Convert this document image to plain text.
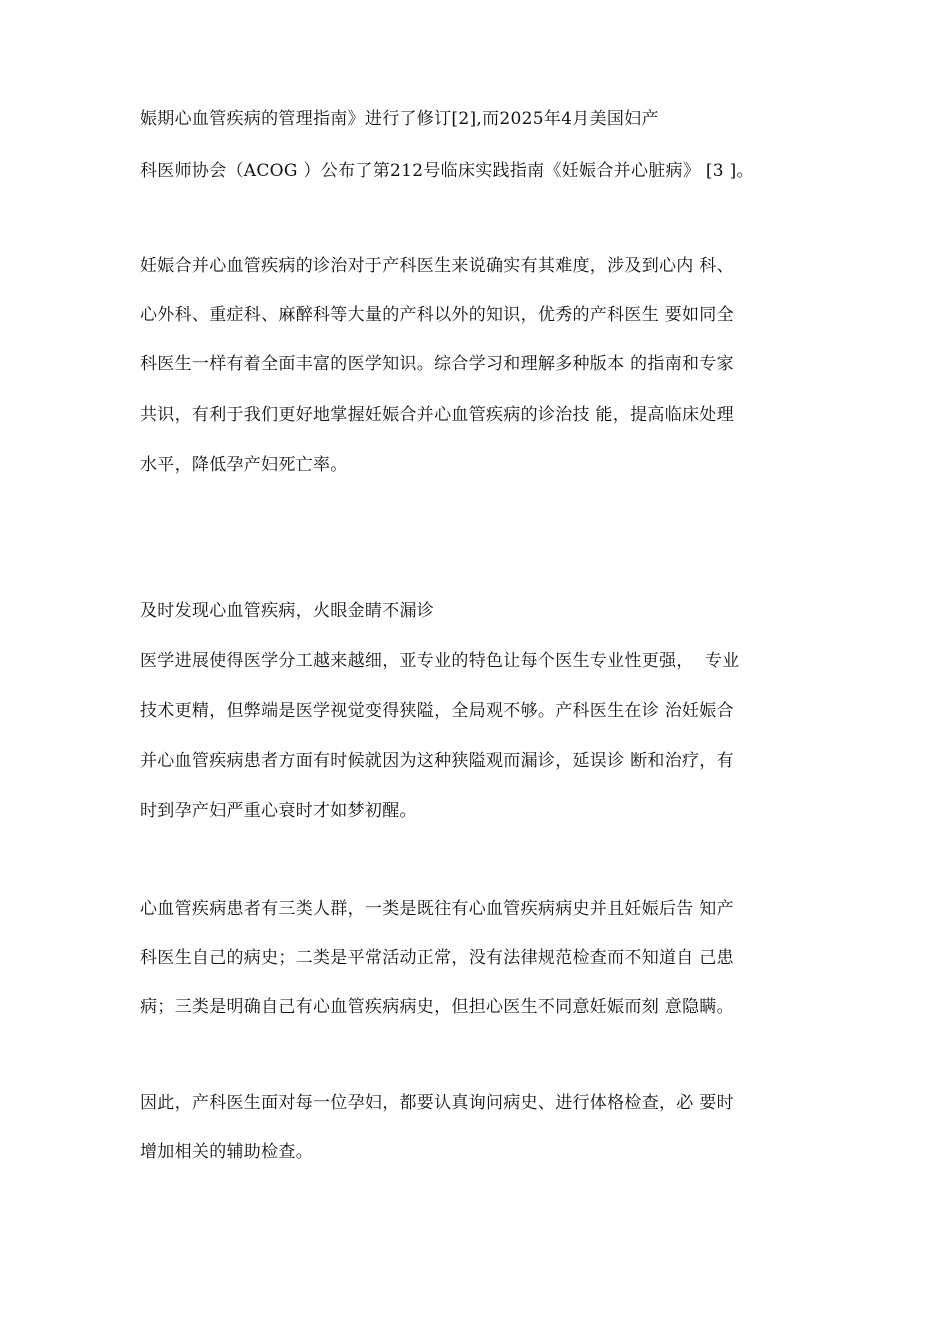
娠期心血管疾病的管理指南》进行了修订[2],而2025年4月美国妇产
科医师协会（ACOG ）公布了第212号临床实践指南《妊娠合并心脏病》 [3 ]。
妊娠合并心血管疾病的诊治对于产科医生来说确实有其难度，涉及到心内 科、
心外科、重症科、麻醉科等大量的产科以外的知识，优秀的产科医生 要如同全
科医生一样有着全面丰富的医学知识。综合学习和理解多种版本 的指南和专家
共识，有利于我们更好地掌握妊娠合并心血管疾病的诊治技 能，提高临床处理
水平，降低孕产妇死亡率。
及时发现心血管疾病，火眼金睛不漏诊
医学进展使得医学分工越来越细，亚专业的特色让每个医生专业性更强，  专业
技术更精，但弊端是医学视觉变得狭隘，全局观不够。产科医生在诊 治妊娠合
并心血管疾病患者方面有时候就因为这种狭隘观而漏诊，延误诊 断和治疗，有
时到孕产妇严重心衰时才如梦初醒。
心血管疾病患者有三类人群，一类是既往有心血管疾病病史并且妊娠后告 知产
科医生自己的病史；二类是平常活动正常，没有法律规范检查而不知道自 己患
病；三类是明确自己有心血管疾病病史，但担心医生不同意妊娠而刻 意隐瞒。
因此，产科医生面对每一位孕妇，都要认真询问病史、进行体格检查，必 要时
增加相关的辅助检查。
